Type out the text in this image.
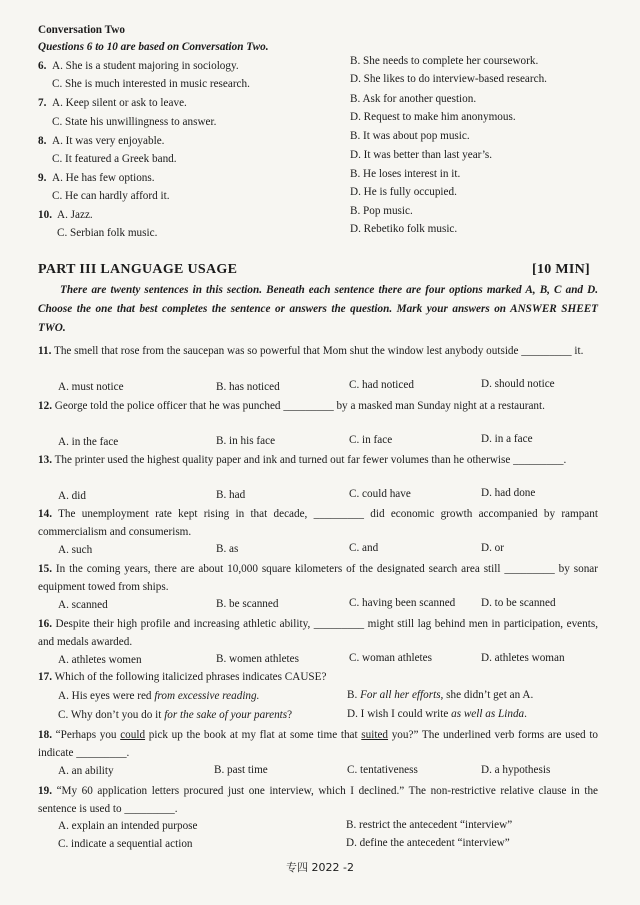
Conversation Two
Questions 6 to 10 are based on Conversation Two.
6. A. She is a student majoring in sociology.	B. She needs to complete her coursework.
C. She is much interested in music research.	D. She likes to do interview-based research.
7. A. Keep silent or ask to leave.	B. Ask for another question.
C. State his unwillingness to answer.	D. Request to make him anonymous.
8. A. It was very enjoyable.	B. It was about pop music.
C. It featured a Greek band.	D. It was better than last year’s.
9. A. He has few options.	B. He loses interest in it.
C. He can hardly afford it.	D. He is fully occupied.
10. A. Jazz.	B. Pop music.
C. Serbian folk music.	D. Rebetiko folk music.
PART III LANGUAGE USAGE	[10 MIN]
There are twenty sentences in this section. Beneath each sentence there are four options marked A, B, C and D. Choose the one that best completes the sentence or answers the question. Mark your answers on ANSWER SHEET TWO.
11. The smell that rose from the saucepan was so powerful that Mom shut the window lest anybody outside _________ it.
A. must notice	B. has noticed	C. had noticed	D. should notice
12. George told the police officer that he was punched _________ by a masked man Sunday night at a restaurant.
A. in the face	B. in his face	C. in face	D. in a face
13. The printer used the highest quality paper and ink and turned out far fewer volumes than he otherwise _________.
A. did	B. had	C. could have	D. had done
14. The unemployment rate kept rising in that decade, _________ did economic growth accompanied by rampant commercialism and consumerism.
A. such	B. as	C. and	D. or
15. In the coming years, there are about 10,000 square kilometers of the designated search area still _________ by sonar equipment towed from ships.
A. scanned	B. be scanned	C. having been scanned D. to be scanned
16. Despite their high profile and increasing athletic ability, _________ might still lag behind men in participation, events, and medals awarded.
A. athletes women	B. women athletes	C. woman athletes	D. athletes woman
17. Which of the following italicized phrases indicates CAUSE?
A. His eyes were red from excessive reading.	B. For all her efforts, she didn’t get an A.
C. Why don’t you do it for the sake of your parents?	D. I wish I could write as well as Linda.
18. “Perhaps you could pick up the book at my flat at some time that suited you?” The underlined verb forms are used to indicate _________.
A. an ability	B. past time	C. tentativeness	D. a hypothesis
19. “My 60 application letters procured just one interview, which I declined.” The non-restrictive relative clause in the sentence is used to _________.
A. explain an intended purpose	B. restrict the antecedent “interview”
C. indicate a sequential action	D. define the antecedent “interview”
专四 2022 -2
